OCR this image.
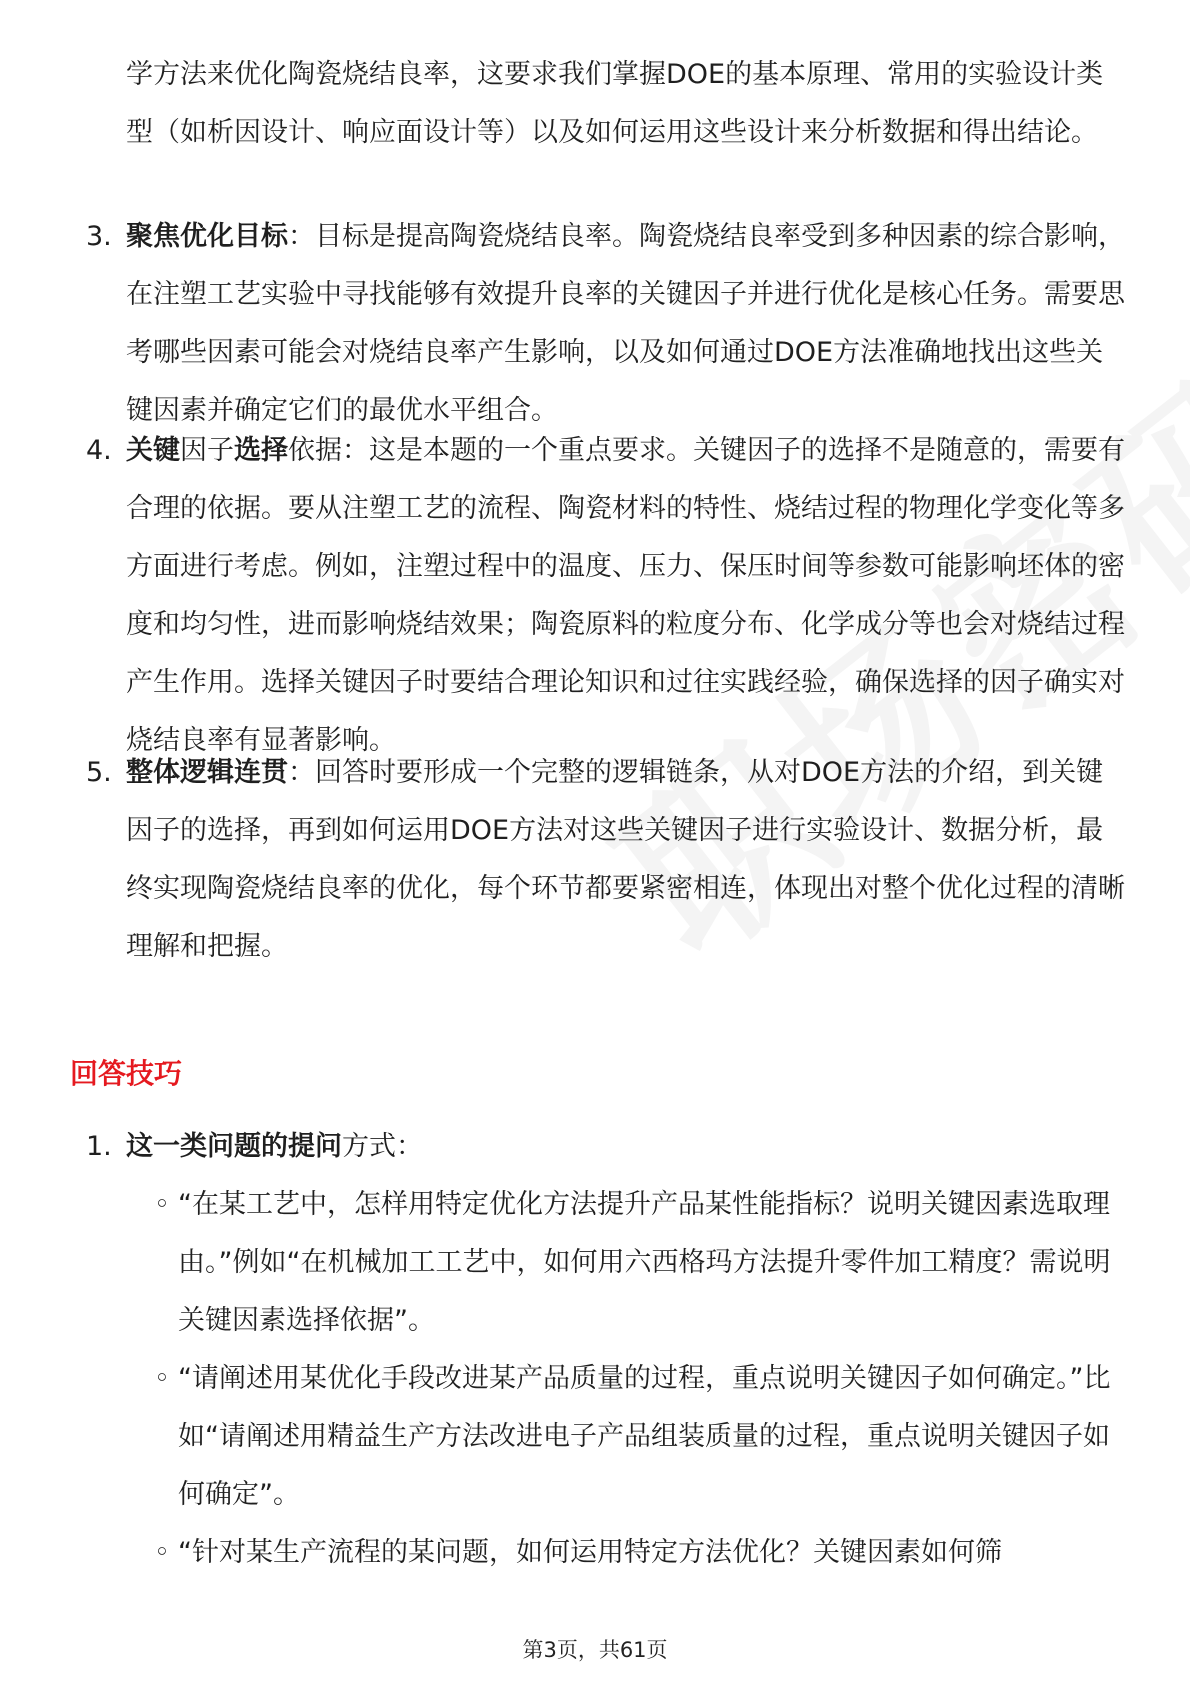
学方法来优化陶瓷烧结良率，这要求我们掌握DOE的基本原理、常用的实验设计类型（如析因设计、响应面设计等）以及如何运用这些设计来分析数据和得出结论。
3. 聚焦优化目标：目标是提高陶瓷烧结良率。陶瓷烧结良率受到多种因素的综合影响，在注塑工艺实验中寻找能够有效提升良率的关键因子并进行优化是核心任务。需要思考哪些因素可能会对烧结良率产生影响，以及如何通过DOE方法准确地找出这些关键因素并确定它们的最优水平组合。
4. 关键因子选择依据：这是本题的一个重点要求。关键因子的选择不是随意的，需要有合理的依据。要从注塑工艺的流程、陶瓷材料的特性、烧结过程的物理化学变化等多方面进行考虑。例如，注塑过程中的温度、压力、保压时间等参数可能影响坯体的密度和均匀性，进而影响烧结效果；陶瓷原料的粒度分布、化学成分等也会对烧结过程产生作用。选择关键因子时要结合理论知识和过往实践经验，确保选择的因子确实对烧结良率有显著影响。
5. 整体逻辑连贯：回答时要形成一个完整的逻辑链条，从对DOE方法的介绍，到关键因子的选择，再到如何运用DOE方法对这些关键因子进行实验设计、数据分析，最终实现陶瓷烧结良率的优化，每个环节都要紧密相连，体现出对整个优化过程的清晰理解和把握。
回答技巧
1. 这一类问题的提问方式：
◦ “在某工艺中，怎样用特定优化方法提升产品某性能指标？说明关键因素选取理由。”例如“在机械加工工艺中，如何用六西格玛方法提升零件加工精度？需说明关键因素选择依据”。
◦ “请阐述用某优化手段改进某产品质量的过程，重点说明关键因子如何确定。”比如“请阐述用精益生产方法改进电子产品组装质量的过程，重点说明关键因子如何确定”。
◦ “针对某生产流程的某问题，如何运用特定方法优化？关键因素如何筛
第3页，共61页
